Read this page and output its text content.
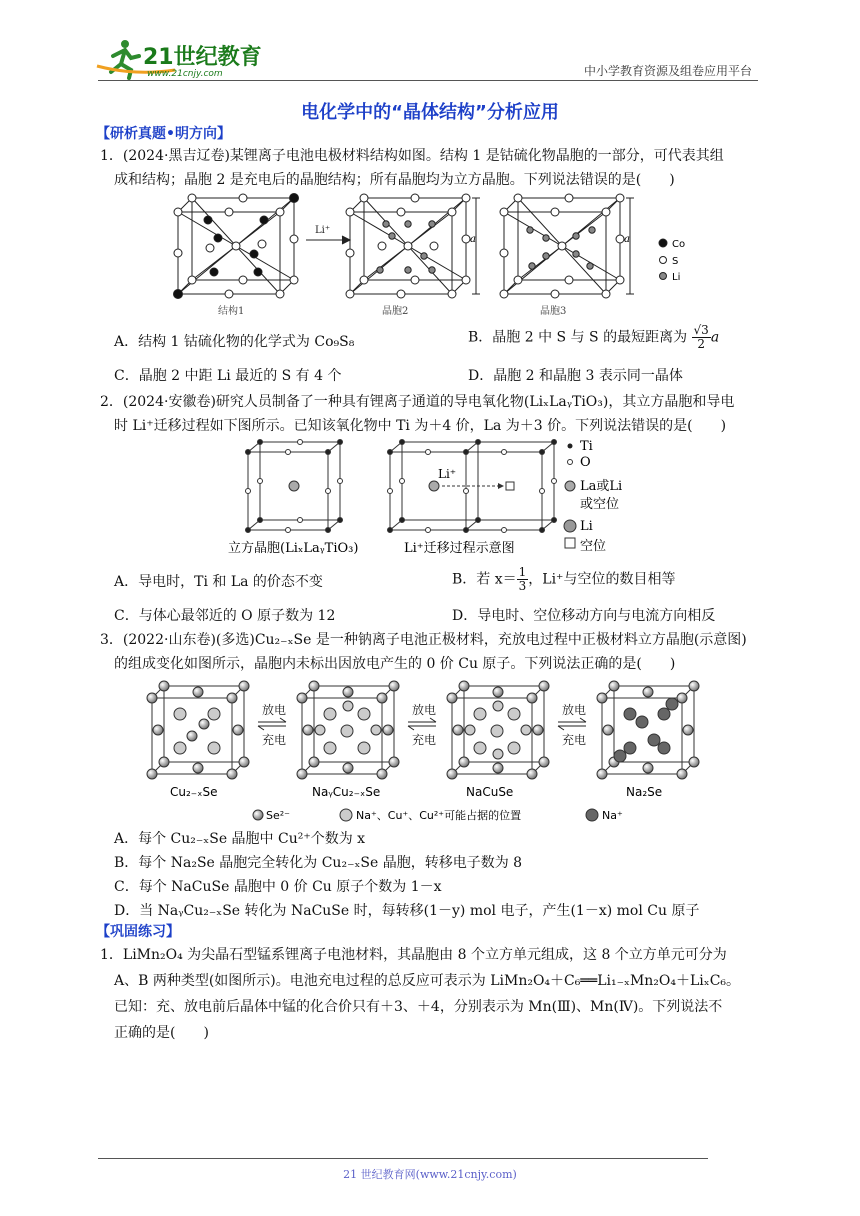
21世纪教育
www.21cnjy.com	中小学教育资源及组卷应用平台
电化学中的“晶体结构”分析应用
【研析真题•明方向】
1．(2024·黑吉辽卷)某锂离子电池电极材料结构如图。结构 1 是钴硫化物晶胞的一部分，可代表其组
成和结构；晶胞 2 是充电后的晶胞结构；所有晶胞均为立方晶胞。下列说法错误的是(　　)
Li⁺
a	a	Co
S
Li
结构1	晶胞2	晶胞3
A．结构 1 钴硫化物的化学式为 Co₉S₈	B．晶胞 2 中 S 与 S 的最短距离为 $\frac{√3}{2}$ a
C．晶胞 2 中距 Li 最近的 S 有 4 个	D．晶胞 2 和晶胞 3 表示同一晶体
2．(2024·安徽卷)研究人员制备了一种具有锂离子通道的导电氧化物(LiₓLaᵧTiO₃)，其立方晶胞和导电
时 Li⁺迁移过程如下图所示。已知该氧化物中 Ti 为＋4 价，La 为＋3 价。下列说法错误的是(　　)
立方晶胞(LiₓLaᵧTiO₃)
Li⁺
Li⁺迁移过程示意图
Ti
O
La或Li
或空位
Li
空位
A．导电时，Ti 和 La 的价态不变	B．若 $x= \frac{1}{3}$ ，Li⁺与空位的数目相等
C．与体心最邻近的 O 原子数为 12	D．导电时、空位移动方向与电流方向相反
3．(2022·山东卷)(多选)Cu₂₋ₓSe 是一种钠离子电池正极材料，充放电过程中正极材料立方晶胞(示意图)
的组成变化如图所示，晶胞内未标出因放电产生的 0 价 Cu 原子。下列说法正确的是(　　)
Cu₂₋ₓSe	NaᵧCu₂₋ₓSe	NaCuSe	Na₂Se
放电
充电
放电
充电
放电
充电
Se²⁻	Na⁺、Cu⁺、Cu²⁺可能占据的位置	Na⁺
A．每个 Cu₂₋ₓSe 晶胞中 Cu²⁺个数为 x
B．每个 Na₂Se 晶胞完全转化为 Cu₂₋ₓSe 晶胞，转移电子数为 8
C．每个 NaCuSe 晶胞中 0 价 Cu 原子个数为 1－x
D．当 NaᵧCu₂₋ₓSe 转化为 NaCuSe 时，每转移(1－y) mol 电子，产生(1－x) mol Cu 原子
【巩固练习】
1．LiMn₂O₄ 为尖晶石型锰系锂离子电池材料，其晶胞由 8 个立方单元组成，这 8 个立方单元可分为
A、B 两种类型(如图所示)。电池充电过程的总反应可表示为 LiMn₂O₄＋C₆══Li₁₋ₓMn₂O₄＋LiₓC₆。
已知：充、放电前后晶体中锰的化合价只有＋3、＋4，分别表示为 Mn(Ⅲ)、Mn(Ⅳ)。下列说法不
正确的是(　　)
21 世纪教育网(www.21cnjy.com)
